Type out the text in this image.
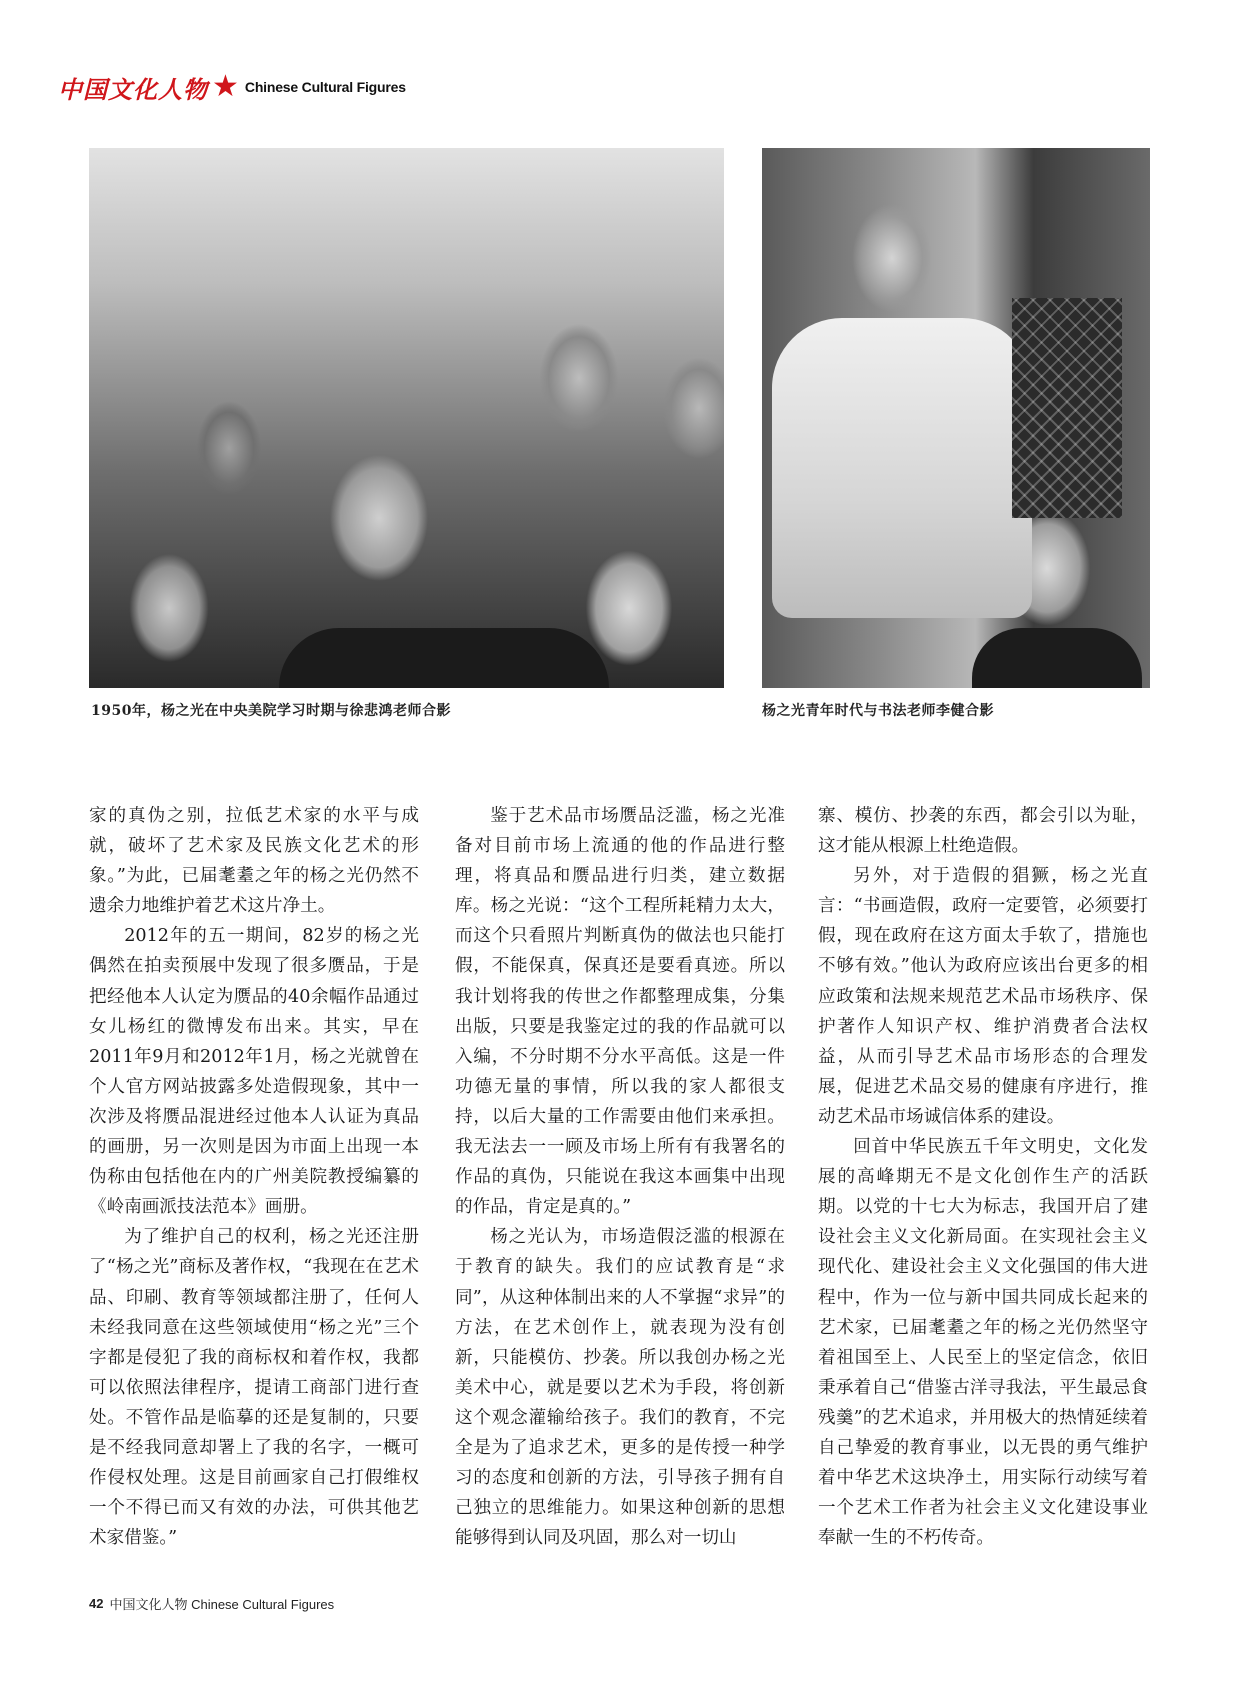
中国文化人物 ★ Chinese Cultural Figures
1950年，杨之光在中央美院学习时期与徐悲鸿老师合影	杨之光青年时代与书法老师李健合影

家的真伪之别，拉低艺术家的水平与成就，破坏了艺术家及民族文化艺术的形象。”为此，已届耄耋之年的杨之光仍然不遗余力地维护着艺术这片净土。

2012年的五一期间，82岁的杨之光偶然在拍卖预展中发现了很多赝品，于是把经他本人认定为赝品的40余幅作品通过女儿杨红的微博发布出来。其实，早在2011年9月和2012年1月，杨之光就曾在个人官方网站披露多处造假现象，其中一次涉及将赝品混进经过他本人认证为真品的画册，另一次则是因为市面上出现一本伪称由包括他在内的广州美院教授编纂的《岭南画派技法范本》画册。

为了维护自己的权利，杨之光还注册了“杨之光”商标及著作权，“我现在在艺术品、印刷、教育等领域都注册了，任何人未经我同意在这些领域使用“杨之光”三个字都是侵犯了我的商标权和着作权，我都可以依照法律程序，提请工商部门进行查处。不管作品是临摹的还是复制的，只要是不经我同意却署上了我的名字，一概可作侵权处理。这是目前画家自己打假维权一个不得已而又有效的办法，可供其他艺术家借鉴。”

鉴于艺术品市场赝品泛滥，杨之光准备对目前市场上流通的他的作品进行整理，将真品和赝品进行归类，建立数据库。杨之光说：“这个工程所耗精力太大，而这个只看照片判断真伪的做法也只能打假，不能保真，保真还是要看真迹。所以我计划将我的传世之作都整理成集，分集出版，只要是我鉴定过的我的作品就可以入编，不分时期不分水平高低。这是一件功德无量的事情，所以我的家人都很支持，以后大量的工作需要由他们来承担。我无法去一一顾及市场上所有有我署名的作品的真伪，只能说在我这本画集中出现的作品，肯定是真的。”

杨之光认为，市场造假泛滥的根源在于教育的缺失。我们的应试教育是“求同”，从这种体制出来的人不掌握“求异”的方法，在艺术创作上，就表现为没有创新，只能模仿、抄袭。所以我创办杨之光美术中心，就是要以艺术为手段，将创新这个观念灌输给孩子。我们的教育，不完全是为了追求艺术，更多的是传授一种学习的态度和创新的方法，引导孩子拥有自己独立的思维能力。如果这种创新的思想能够得到认同及巩固，那么对一切山

寨、模仿、抄袭的东西，都会引以为耻，这才能从根源上杜绝造假。

另外，对于造假的猖獗，杨之光直言：“书画造假，政府一定要管，必须要打假，现在政府在这方面太手软了，措施也不够有效。”他认为政府应该出台更多的相应政策和法规来规范艺术品市场秩序、保护著作人知识产权、维护消费者合法权益，从而引导艺术品市场形态的合理发展，促进艺术品交易的健康有序进行，推动艺术品市场诚信体系的建设。

回首中华民族五千年文明史，文化发展的高峰期无不是文化创作生产的活跃期。以党的十七大为标志，我国开启了建设社会主义文化新局面。在实现社会主义现代化、建设社会主义文化强国的伟大进程中，作为一位与新中国共同成长起来的艺术家，已届耄耋之年的杨之光仍然坚守着祖国至上、人民至上的坚定信念，依旧秉承着自己“借鉴古洋寻我法，平生最忌食残羹”的艺术追求，并用极大的热情延续着自己挚爱的教育事业，以无畏的勇气维护着中华艺术这块净土，用实际行动续写着一个艺术工作者为社会主义文化建设事业奉献一生的不朽传奇。

42 中国文化人物 Chinese Cultural Figures
